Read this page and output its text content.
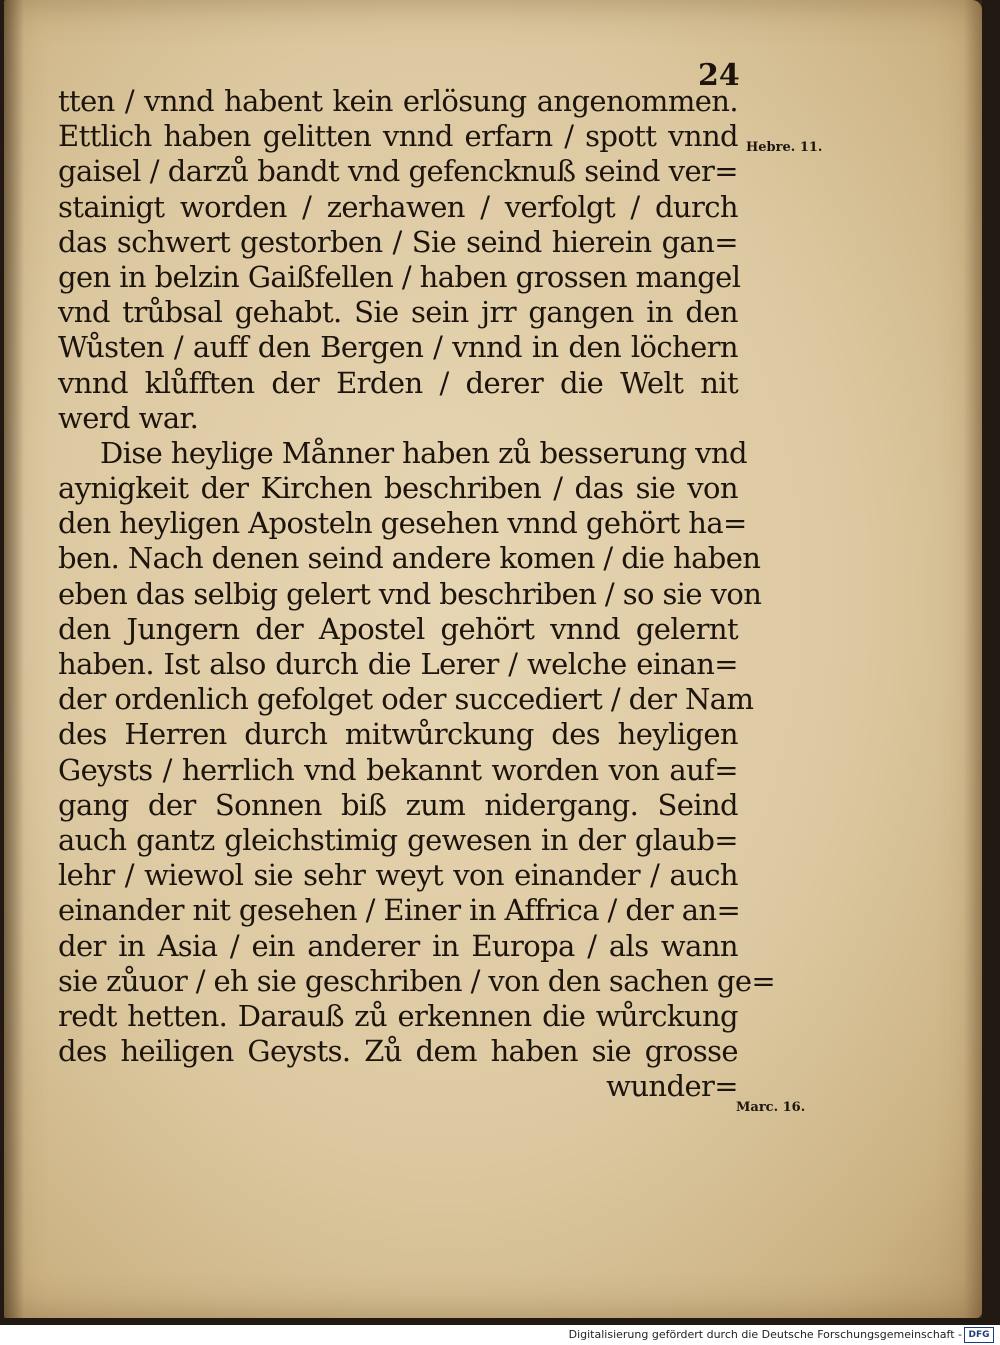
24
tten / vnnd habent kein erlösung angenommen.
Ettlich haben gelitten vnnd erfarn / spott vnnd
gaisel / darzů bandt vnd gefencknuß seind ver=
stainigt worden / zerhawen / verfolgt / durch
das schwert gestorben / Sie seind hierein gan=
gen in belzin Gaißfellen / haben grossen mangel
vnd trůbsal gehabt. Sie sein jrr gangen in den
Wůsten / auff den Bergen / vnnd in den löchern
vnnd klůfften der Erden / derer die Welt nit
werd war.
Dise heylige Månner haben zů besserung vnd
aynigkeit der Kirchen beschriben / das sie von
den heyligen Aposteln gesehen vnnd gehört ha=
ben. Nach denen seind andere komen / die haben
eben das selbig gelert vnd beschriben / so sie von
den Jungern der Apostel gehört vnnd gelernt
haben. Ist also durch die Lerer / welche einan=
der ordenlich gefolget oder succediert / der Nam
des Herren durch mitwůrckung des heyligen
Geysts / herrlich vnd bekannt worden von auf=
gang der Sonnen biß zum nidergang. Seind
auch gantz gleichstimig gewesen in der glaub=
lehr / wiewol sie sehr weyt von einander / auch
einander nit gesehen / Einer in Affrica / der an=
der in Asia / ein anderer in Europa / als wann
sie zůuor / eh sie geschriben / von den sachen ge=
redt hetten. Darauß zů erkennen die wůrckung
des heiligen Geysts. Zů dem haben sie grosse
wunder=
Hebre. 11.
Marc. 16.
Digitalisierung gefördert durch die Deutsche Forschungsgemeinschaft - DFG
